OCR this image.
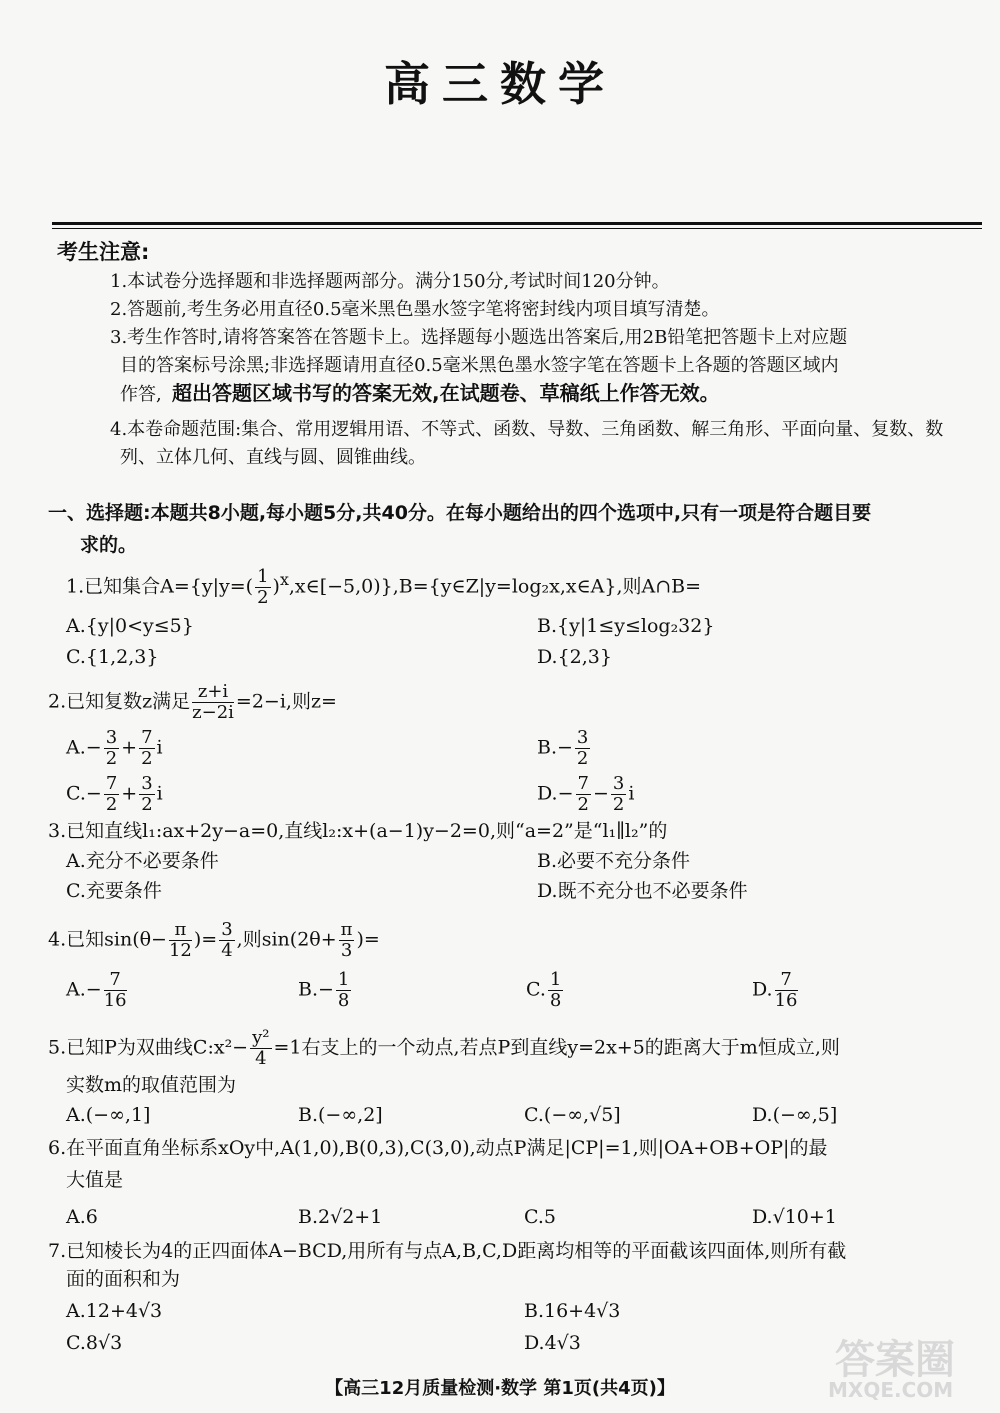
高三数学
考生注意:
1.本试卷分选择题和非选择题两部分。满分150分,考试时间120分钟。
2.答题前,考生务必用直径0.5毫米黑色墨水签字笔将密封线内项目填写清楚。
3.考生作答时,请将答案答在答题卡上。选择题每小题选出答案后,用2B铅笔把答题卡上对应题
目的答案标号涂黑;非选择题请用直径0.5毫米黑色墨水签字笔在答题卡上各题的答题区域内
作答, 超出答题区域书写的答案无效,在试题卷、草稿纸上作答无效。
4.本卷命题范围:集合、常用逻辑用语、不等式、函数、导数、三角函数、解三角形、平面向量、复数、数
列、立体几何、直线与圆、圆锥曲线。
一、选择题:本题共8小题,每小题5分,共40分。在每小题给出的四个选项中,只有一项是符合题目要
求的。
1.已知集合$A=\{y|y=( \frac{1}{2}$ )$^x,x\in[-5,0)\},B=\{y\in Z|y=\log_2x,x\in A\}$,则A∩B=
A.{y|0<y≤5}	B.{y|1≤y≤log₂32}
C.{1,2,3}	D.{2,3}
2.已知复数z满足 $\frac{z+i}{z-2i} =2-i$,则z=
$A.- \frac{3}{2} + \frac{7}{2}$ i	$B.- \frac{3}{2}$
$C.- \frac{7}{2} + \frac{3}{2}$ i	$D.- \frac{7}{2} - \frac{3}{2}$ i
3.已知直线l₁:ax+2y−a=0,直线l₂:x+(a−1)y−2=0,则“a=2”是“l₁∥l₂”的
A.充分不必要条件	B.必要不充分条件
C.充要条件	D.既不充分也不必要条件
4.已知$\sin(\theta- \frac{\pi}{12}$ )= $\frac{3}{4}$ ,则$\sin(2\theta+ \frac{\pi}{3}$ )=
$A.- \frac{7}{16}$	$B.- \frac{1}{8}$	C. $\frac{1}{8}$	D. $\frac{7}{16}$
5.已知P为双曲线C:x²− $\frac{\text{y²}}{4} =1$右支上的一个动点,若点P到直线y=2x+5的距离大于m恒成立,则
实数m的取值范围为
A.(−∞,1]	B.(−∞,2]	C.(−∞,√5]	D.(−∞,5]
6.在平面直角坐标系xOy中,A(1,0),B(0,3),C(3,0),动点P满足|CP|=1,则|OA+OB+OP|的最
大值是
A.6	B.2√2+1	C.5	D.√10+1
7.已知棱长为4的正四面体A−BCD,用所有与点A,B,C,D距离均相等的平面截该四面体,则所有截
面的面积和为
A.12+4√3	B.16+4√3
C.8√3	D.4√3
【高三12月质量检测·数学 第1页(共4页)】
答案圈
MXQE.COM
